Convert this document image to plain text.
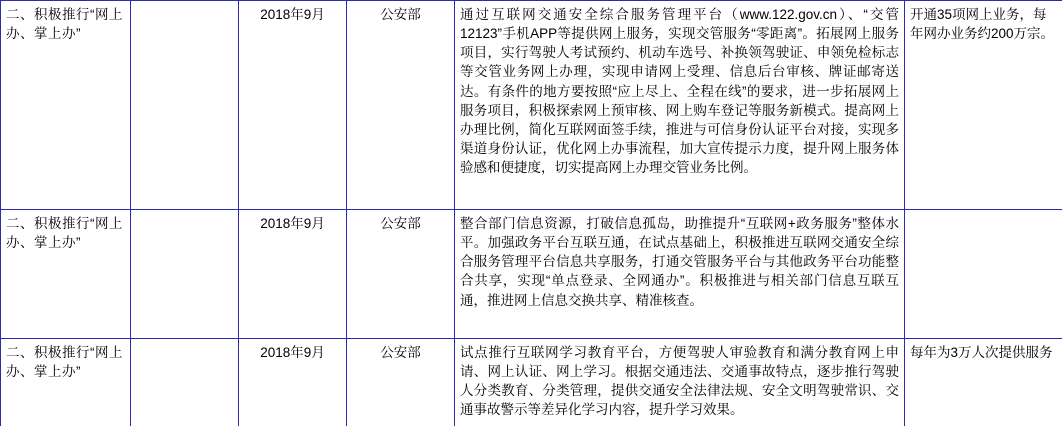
二、积极推行“网上办、掌上办”	拓展网上服务覆盖面。	2018年9月	公安部	通过互联网交通安全综合服务管理平台（www.122.gov.cn）、“交管12123”手机APP等提供网上服务，实现交管服务“零距离”。拓展网上服务项目，实行驾驶人考试预约、机动车选号、补换领驾驶证、申领免检标志等交管业务网上办理，实现申请网上受理、信息后台审核、牌证邮寄送达。有条件的地方要按照“应上尽上、全程在线”的要求，进一步拓展网上服务项目，积极探索网上预审核、网上购车登记等服务新模式。提高网上办理比例，简化互联网面签手续，推进与可信身份认证平台对接，实现多渠道身份认证，优化网上办事流程，加大宣传提示力度，提升网上服务体验感和便捷度，切实提高网上办理交管业务比例。	开通35项网上业务，每年网办业务约200万宗。
二、积极推行“网上办、掌上办”	推进网上政务互联互通。	2018年9月	公安部	整合部门信息资源，打破信息孤岛，助推提升“互联网+政务服务”整体水平。加强政务平台互联互通，在试点基础上，积极推进互联网交通安全综合服务管理平台信息共享服务，打通交管服务平台与其他政务平台功能整合共享，实现“单点登录、全网通办”。积极推进与相关部门信息互联互通，推进网上信息交换共享、精准核查。	
二、积极推行“网上办、掌上办”	推行安全教育网上学习。	2018年9月	公安部	试点推行互联网学习教育平台，方便驾驶人审验教育和满分教育网上申请、网上认证、网上学习。根据交通违法、交通事故特点，逐步推行驾驶人分类教育、分类管理，提供交通安全法律法规、安全文明驾驶常识、交通事故警示等差异化学习内容，提升学习效果。	每年为3万人次提供服务
